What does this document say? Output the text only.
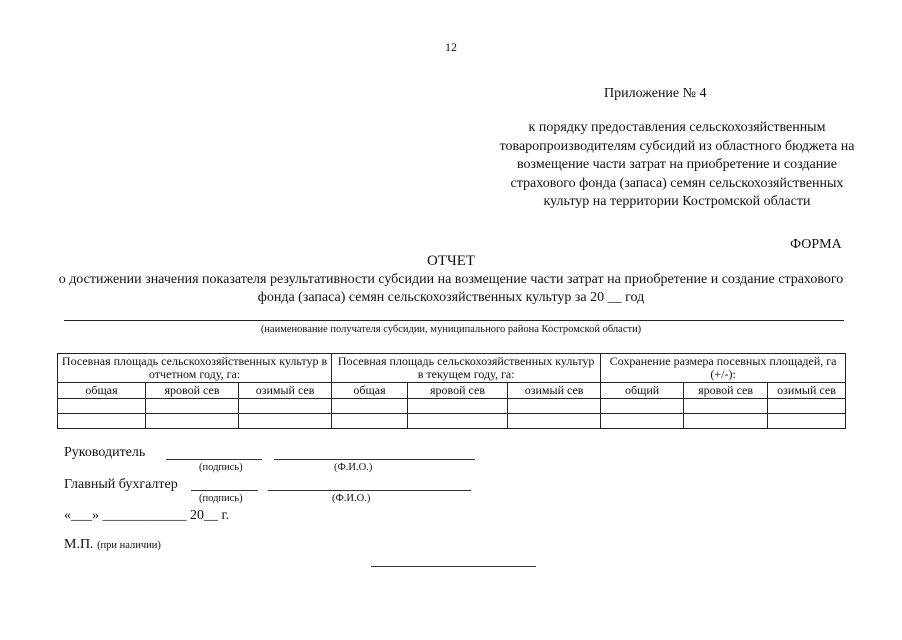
12
Приложение № 4
к порядку предоставления сельскохозяйственным товаропроизводителям субсидий из областного бюджета на возмещение части затрат на приобретение и создание страхового фонда (запаса) семян сельскохозяйственных культур на территории Костромской области
ФОРМА
ОТЧЕТ
о достижении значения показателя результативности субсидии на возмещение части затрат на приобретение и создание страхового фонда (запаса) семян сельскохозяйственных культур за 20 __ год
(наименование получателя субсидии, муниципального района Костромской области)
Посевная площадь сельскохозяйственных культур в отчетном году, га:			Посевная площадь сельскохозяйственных культур в текущем году, га:			Сохранение размера посевных площадей, га (+/-):		
общая	яровой сев	озимый сев	общая	яровой сев	озимый сев	общий	яровой сев	озимый сев

Руководитель
(подпись)	(Ф.И.О.)
Главный бухгалтер
(подпись)	(Ф.И.О.)
«___» ____________ 20__ г.
М.П. (при наличии)
